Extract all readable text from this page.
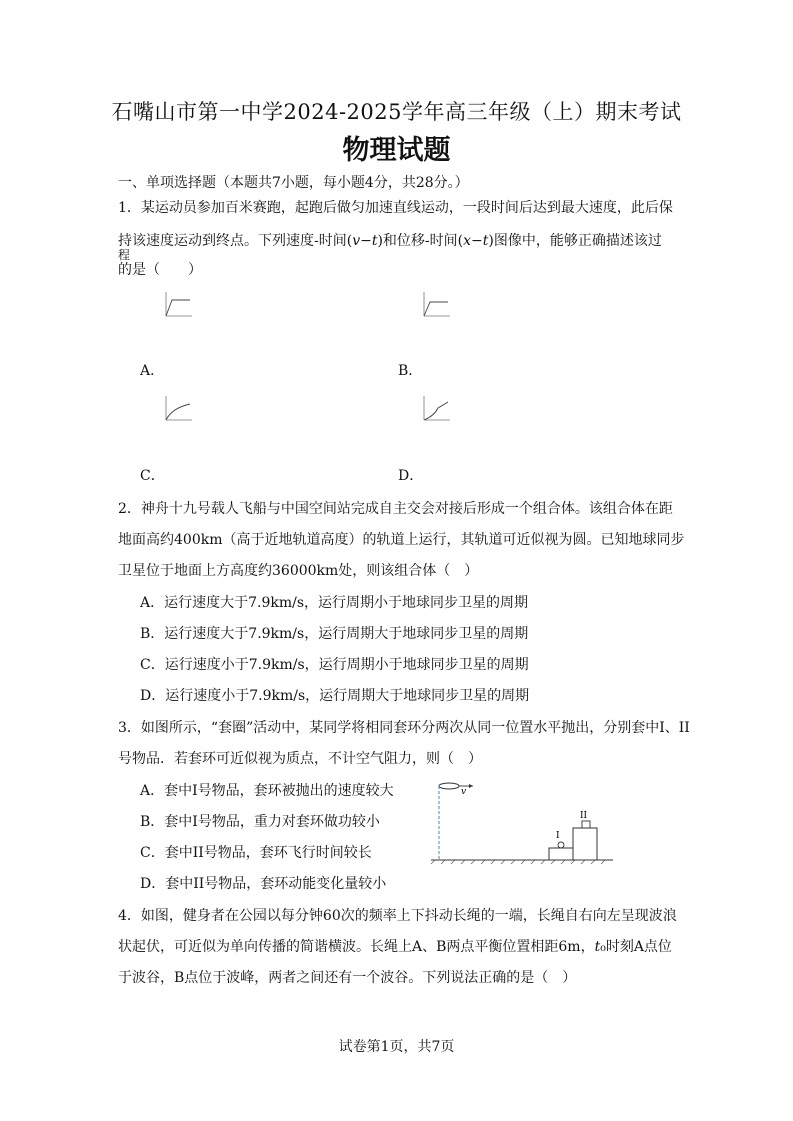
石嘴山市第一中学2024-2025学年高三年级（上）期末考试
物理试题
一、单项选择题（本题共7小题，每小题4分，共28分。）
1．某运动员参加百米赛跑，起跑后做匀加速直线运动，一段时间后达到最大速度，此后保
持该速度运动到终点。下列速度-时间(𝑣−𝑡)和位移-时间(𝑥−𝑡)图像中，能够正确描述该过
程
的是（　　）
A．	B．
C．	D．
2．神舟十九号载人飞船与中国空间站完成自主交会对接后形成一个组合体。该组合体在距
地面高约400km（高于近地轨道高度）的轨道上运行，其轨道可近似视为圆。已知地球同步
卫星位于地面上方高度约36000km处，则该组合体（　）
A．运行速度大于7.9km/s，运行周期小于地球同步卫星的周期
B．运行速度大于7.9km/s，运行周期大于地球同步卫星的周期
C．运行速度小于7.9km/s，运行周期小于地球同步卫星的周期
D．运行速度小于7.9km/s，运行周期大于地球同步卫星的周期
3．如图所示，“套圈”活动中，某同学将相同套环分两次从同一位置水平抛出，分别套中I、II
号物品．若套环可近似视为质点，不计空气阻力，则（　）
A．套中I号物品，套环被抛出的速度较大
B．套中I号物品，重力对套环做功较小
C．套中II号物品，套环飞行时间较长
D．套中II号物品，套环动能变化量较小
v
I
II
4．如图，健身者在公园以每分钟60次的频率上下抖动长绳的一端，长绳自右向左呈现波浪
状起伏，可近似为单向传播的简谐横波。长绳上A、B两点平衡位置相距6m，𝑡₀时刻A点位
于波谷，B点位于波峰，两者之间还有一个波谷。下列说法正确的是（　）
试卷第1页，共7页
